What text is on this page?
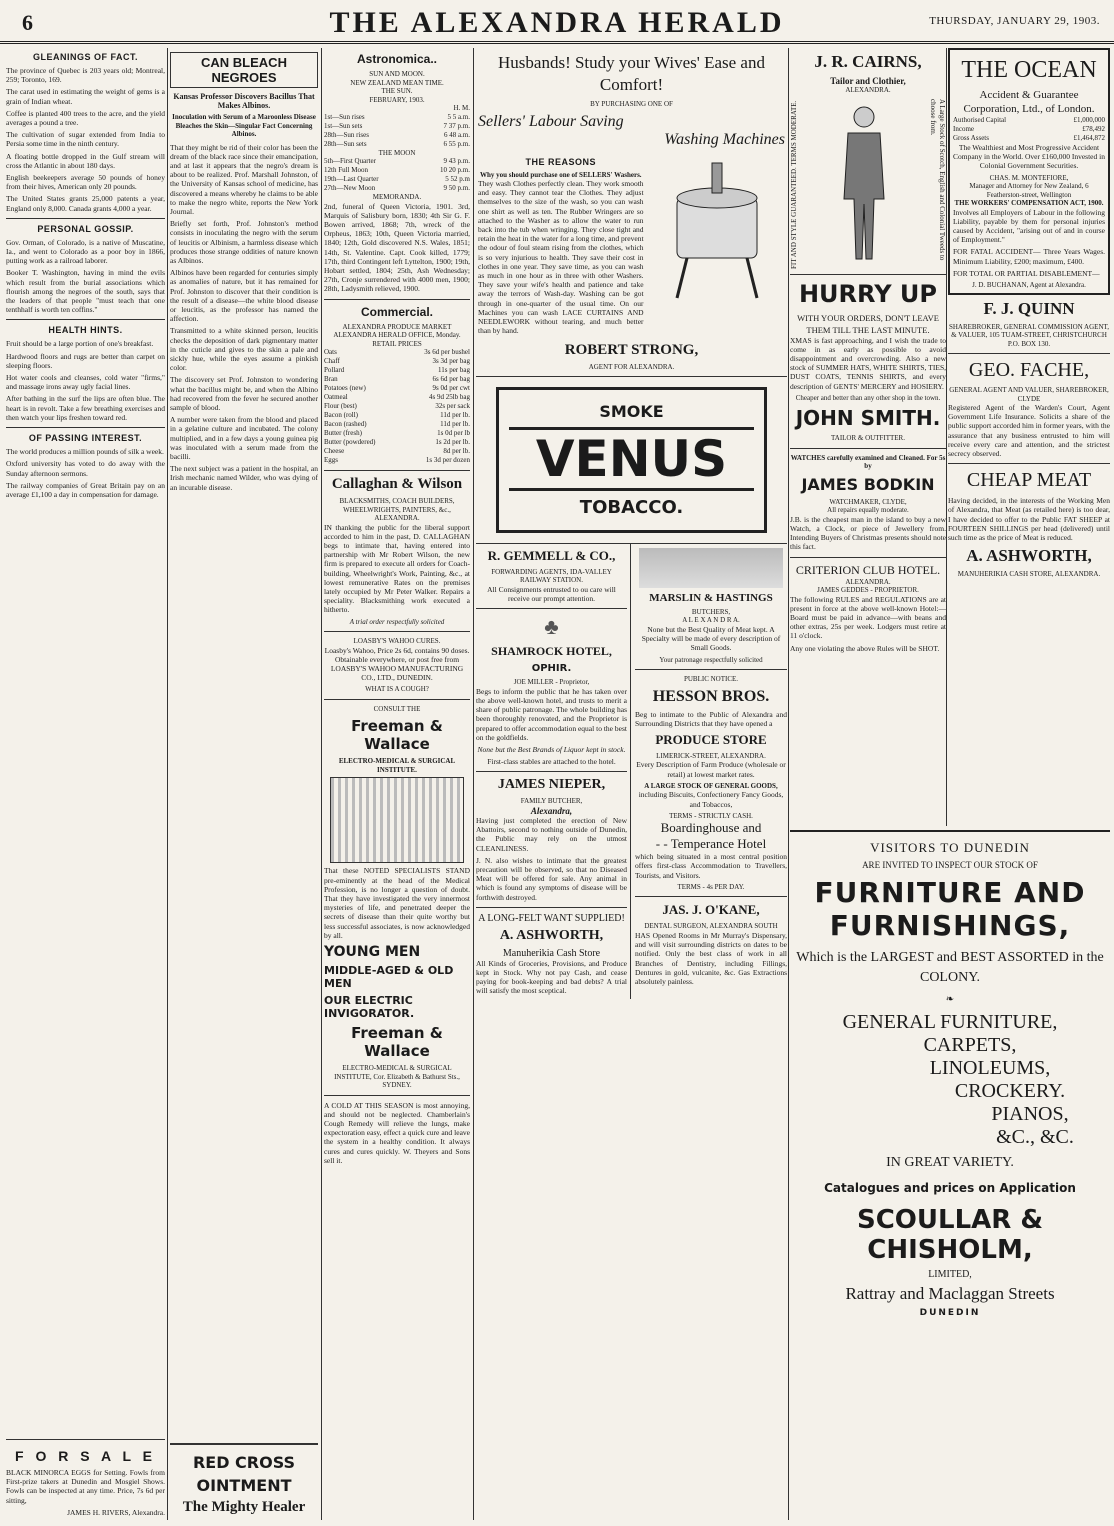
6	THE ALEXANDRA HERALD	THURSDAY, JANUARY 29, 1903.
GLEANINGS OF FACT.

The province of Quebec is 203 years old; Montreal, 259; Toronto, 169.

The carat used in estimating the weight of gems is a grain of Indian wheat.

Coffee is planted 400 trees to the acre, and the yield averages a pound a tree.

The cultivation of sugar extended from India to Persia some time in the ninth century.

A floating bottle dropped in the Gulf stream will cross the Atlantic in about 180 days.

English beekeepers average 50 pounds of honey from their hives, American only 20 pounds.

The United States grants 25,000 patents a year, England only 8,000. Canada grants 4,000 a year.

PERSONAL GOSSIP.

Gov. Orman, of Colorado, is a native of Muscatine, Ia., and went to Colorado as a poor boy in 1866, putting work as a railroad laborer.

Booker T. Washington, having in mind the evils which result from the burial associations which flourish among the negroes of the south, says that the leaders of that people "must teach that one tenthhalf is worth ten coffins."

HEALTH HINTS.

Fruit should be a large portion of one's breakfast.

Hardwood floors and rugs are better than carpet on sleeping floors.

Hot water cools and cleanses, cold water "firms," and massage irons away ugly facial lines.

After bathing in the surf the lips are often blue. The heart is in revolt. Take a few breathing exercises and then watch your lips freshen toward red.

OF PASSING INTEREST.

The world produces a million pounds of silk a week.

Oxford university has voted to do away with the Sunday afternoon sermons.

The railway companies of Great Britain pay on an average £1,100 a day in compensation for damage.

F O R S A L E

BLACK MINORCA EGGS for Setting. Fowls from First-prize takers at Dunedin and Mosgiel Shows. Fowls can be inspected at any time. Price, 7s 6d per sitting,

JAMES H. RIVERS, Alexandra.

CAN BLEACH NEGROES
Kansas Professor Discovers Bacillus That Makes Albinos.
Inoculation with Serum of a Maroonless Disease Bleaches the Skin—Singular Fact Concerning Albinos.

That they might be rid of their color has been the dream of the black race since their emancipation, and at last it appears that the negro's dream is about to be realized. Prof. Marshall Johnston, of the University of Kansas school of medicine, has discovered a means whereby he claims to be able to make the negro white, reports the New York Journal.

Briefly set forth, Prof. Johnston's method consists in inoculating the negro with the serum of leucitis or Albinism, a harmless disease which produces those strange oddities of nature known as Albinos.

Albinos have been regarded for centuries simply as anomalies of nature, but it has remained for Prof. Johnston to discover that their condition is the result of a disease—the white blood disease or leucitis, as the professor has named the affection.

Transmitted to a white skinned person, leucitis checks the deposition of dark pigmentary matter in the cuticle and gives to the skin a pale and sickly hue, while the eyes assume a pinkish color.

The discovery set Prof. Johnston to wondering what the bacillus might be, and when the Albino had recovered from the fever he secured another sample of blood.

A number were taken from the blood and placed in a gelatine culture and incubated. The colony multiplied, and in a few days a young guinea pig was inoculated with a serum made from the bacilli.

The next subject was a patient in the hospital, an Irish mechanic named Wilder, who was dying of an incurable disease.

RED CROSS
OINTMENT
The Mighty Healer
Astronomica..
SUN AND MOON.
NEW ZEALAND MEAN TIME.
THE SUN.
FEBRUARY, 1903.
H. M.
1st—Sun rises	5 5 a.m.
1st—Sun sets	7 37 p.m.
28th—Sun rises	6 48 a.m.
28th—Sun sets	6 55 p.m.
THE MOON
5th—First Quarter	9 43 p.m.
12th Full Moon	10 20 p.m.
19th—Last Quarter	5 52 p.m
27th—New Moon	9 50 p.m.
MEMORANDA.

2nd, funeral of Queen Victoria, 1901. 3rd, Marquis of Salisbury born, 1830; 4th Sir G. F. Bowen arrived, 1868; 7th, wreck of the Orpheus, 1863; 10th, Queen Victoria married, 1840; 12th, Gold discovered N.S. Wales, 1851; 14th, St. Valentine. Capt. Cook killed, 1779; 17th, third Contingent left Lyttelton, 1900; 19th, Hobart settled, 1804; 25th, Ash Wednesday; 27th, Cronje surrendered with 4000 men, 1900; 28th, Ladysmith relieved, 1900.

Commercial.
ALEXANDRA PRODUCE MARKET
ALEXANDRA HERALD OFFICE, Monday.
RETAIL PRICES
Oats	3s 6d per bushel
Chaff	3s 3d per bag
Pollard	11s per bag
Bran	6s 6d per bag
Potatoes (new)	9s 0d per cwt
Oatmeal	4s 9d 25lb bag
Flour (best)	32s per sack
Bacon (roll)	11d per lb.
Bacon (rashed)	11d per lb.
Butter (fresh)	1s 0d per lb
Butter (powdered)	1s 2d per lb.
Cheese	8d per lb.
Eggs	1s 3d per dozen
Callaghan & Wilson
BLACKSMITHS, COACH BUILDERS, WHEELWRIGHTS, PAINTERS, &c., ALEXANDRA.

IN thanking the public for the liberal support accorded to him in the past, D. CALLAGHAN begs to intimate that, having entered into partnership with Mr Robert Wilson, the new firm is prepared to execute all orders for Coach-building, Wheelwright's Work, Painting, &c., at lowest remunerative Rates on the premises lately occupied by Mr Peter Walker. Repairs a speciality. Blacksmithing work executed a hitherto.

A trial order respectfully solicited
LOASBY'S WAHOO CURES.

Loasby's Wahoo, Price 2s 6d, contains 90 doses. Obtainable everywhere, or post free from LOASBY'S WAHOO MANUFACTURING CO., LTD., DUNEDIN.

WHAT IS A COUGH?
CONSULT THE
Freeman & Wallace
ELECTRO-MEDICAL & SURGICAL INSTITUTE.

That these NOTED SPECIALISTS STAND pre-eminently at the head of the Medical Profession, is no longer a question of doubt. That they have investigated the very innermost mysteries of life, and penetrated deeper the secrets of disease than their quite worthy but less successful associates, is now acknowledged by all.

YOUNG MEN
MIDDLE-AGED & OLD MEN
OUR ELECTRIC INVIGORATOR.
Freeman & Wallace
ELECTRO-MEDICAL & SURGICAL INSTITUTE, Cor. Elizabeth & Bathurst Sts., SYDNEY.

A COLD AT THIS SEASON is most annoying, and should not be neglected. Chamberlain's Cough Remedy will relieve the lungs, make expectoration easy, effect a quick cure and leave the system in a healthy condition. It always cures and cures quickly. W. Theyers and Sons sell it.

Husbands! Study your Wives' Ease and Comfort!
BY PURCHASING ONE OF
Sellers' Labour Saving
Washing Machines
THE REASONS
Why you should purchase one of SELLERS' Washers.

They wash Clothes perfectly clean. They work smooth and easy. They cannot tear the Clothes. They adjust themselves to the size of the wash, so you can wash one shirt as well as ten. The Rubber Wringers are so attached to the Washer as to allow the water to run back into the tub when wringing. They close tight and retain the heat in the water for a long time, and prevent the odour of foul steam rising from the clothes, which is so very injurious to health. They save their cost in clothes in one year. They save time, as you can wash as much in one hour as in three with other Washers. They save your wife's health and patience and take away the terrors of Wash-day. Washing can be got through in one-quarter of the usual time. On our Machines you can wash LACE CURTAINS AND NEEDLEWORK without tearing, and much better than by hand.

ROBERT STRONG,
AGENT FOR ALEXANDRA.
SMOKE
VENUS
TOBACCO.
R. GEMMELL & CO.,
FORWARDING AGENTS, IDA-VALLEY RAILWAY STATION.

All Consignments entrusted to ou care will receive our prompt attention.

♣
SHAMROCK HOTEL,
OPHIR.
JOE MILLER - Proprietor,

Begs to inform the public that he has taken over the above well-known hotel, and trusts to merit a share of public patronage. The whole building has been thoroughly renovated, and the Proprietor is prepared to offer accommodation equal to the best on the goldfields.

None but the Best Brands of Liquor kept in stock.

First-class stables are attached to the hotel.

JAMES NIEPER,
FAMILY BUTCHER,
Alexandra,

Having just completed the erection of New Abattoirs, second to nothing outside of Dunedin, the Public may rely on the utmost CLEANLINESS.

J. N. also wishes to intimate that the greatest precaution will be observed, so that no Diseased Meat will be offered for sale. Any animal in which is found any symptoms of disease will be forthwith destroyed.

A LONG-FELT WANT SUPPLIED!
A. ASHWORTH,
Manuherikia Cash Store

All Kinds of Groceries, Provisions, and Produce kept in Stock. Why not pay Cash, and cease paying for book-keeping and bad debts? A trial will satisfy the most sceptical.

MARSLIN & HASTINGS
BUTCHERS,
A L E X A N D R A.

None but the Best Quality of Meat kept. A Specialty will be made of every description of Small Goods.

Your patronage respectfully solicited
PUBLIC NOTICE.
HESSON BROS.

Beg to intimate to the Public of Alexandra and Surrounding Districts that they have opened a

PRODUCE STORE
LIMERICK-STREET, ALEXANDRA.

Every Description of Farm Produce (wholesale or retail) at lowest market rates.

A LARGE STOCK OF GENERAL GOODS,

including Biscuits, Confectionery Fancy Goods, and Tobaccos,

TERMS - STRICTLY CASH.
Boardinghouse and
- - Temperance Hotel

which being situated in a most central position offers first-class Accommodation to Travellers, Tourists, and Visitors.

TERMS - 4s PER DAY.
JAS. J. O'KANE,
DENTAL SURGEON, ALEXANDRA SOUTH

HAS Opened Rooms in Mr Murray's Dispensary, and will visit surrounding districts on dates to be notified. Only the best class of work in all Branches of Dentistry, including Fillings, Dentures in gold, vulcanite, &c. Gas Extractions absolutely painless.

J. R. CAIRNS,
Tailor and Clothier,
ALEXANDRA.
FIT AND STYLE GUARANTEED. TERMS MODERATE.	A Large Stock of Scotch, English and Colonial Tweeds to choose from.
HURRY UP
WITH YOUR ORDERS, DON'T LEAVE THEM TILL THE LAST MINUTE.

XMAS is fast approaching, and I wish the trade to come in as early as possible to avoid disappointment and overcrowding. Also a new stock of SUMMER HATS, WHITE SHIRTS, TIES, DUST COATS, TENNIS SHIRTS, and every description of GENTS' MERCERY and HOSIERY.

Cheaper and better than any other shop in the town.
JOHN SMITH.
TAILOR & OUTFITTER.
WATCHES carefully examined and Cleaned. For 5s by
JAMES BODKIN
WATCHMAKER, CLYDE,
All repairs equally moderate.

J.B. is the cheapest man in the island to buy a new Watch, a Clock, or piece of Jewellery from. Intending Buyers of Christmas presents should note this fact.

CRITERION CLUB HOTEL.
ALEXANDRA.
JAMES GEDDES - PROPRIETOR.

The following RULES and REGULATIONS are at present in force at the above well-known Hotel:— Board must be paid in advance—with beans and other extras, 25s per week. Lodgers must retire at 11 o'clock.

Any one violating the above Rules will be SHOT.

THE OCEAN
Accident & Guarantee Corporation, Ltd., of London.
Authorised Capital	£1,000,000
Income	£78,492
Gross Assets	£1,464,872

The Wealthiest and Most Progressive Accident Company in the World. Over £160,000 Invested in Colonial Government Securities.

CHAS. M. MONTEFIORE,
Manager and Attorney for New Zealand, 6 Featherston-street, Wellington
THE WORKERS' COMPENSATION ACT, 1900.

Involves all Employers of Labour in the following Liability, payable by them for personal injuries caused by Accident, "arising out of and in course of Employment."

FOR FATAL ACCIDENT— Three Years Wages. Minimum Liability, £200; maximum, £400.

FOR TOTAL OR PARTIAL DISABLEMENT—

J. D. BUCHANAN, Agent at Alexandra.
F. J. QUINN
SHAREBROKER, GENERAL COMMISSION AGENT, & VALUER, 105 TUAM-STREET, CHRISTCHURCH
P.O. BOX 130.
GEO. FACHE,
GENERAL AGENT AND VALUER, SHAREBROKER, CLYDE

Registered Agent of the Warden's Court, Agent Government Life Insurance. Solicits a share of the public support accorded him in former years, with the assurance that any business entrusted to him will receive every care and attention, and the strictest secrecy observed.

CHEAP MEAT

Having decided, in the interests of the Working Men of Alexandra, that Meat (as retailed here) is too dear, I have decided to offer to the Public FAT SHEEP at FOURTEEN SHILLINGS per head (delivered) until such time as the price of Meat is reduced.

A. ASHWORTH,
MANUHERIKIA CASH STORE, ALEXANDRA.
VISITORS TO DUNEDIN
ARE INVITED TO INSPECT OUR STOCK OF
FURNITURE AND
FURNISHINGS,
Which is the LARGEST and BEST ASSORTED in the COLONY.
❧
GENERAL FURNITURE,
CARPETS,
LINOLEUMS,
CROCKERY.
PIANOS,
&C., &C.
IN GREAT VARIETY.
Catalogues and prices on Application
SCOULLAR & CHISHOLM,
LIMITED,
Rattray and Maclaggan Streets
DUNEDIN
